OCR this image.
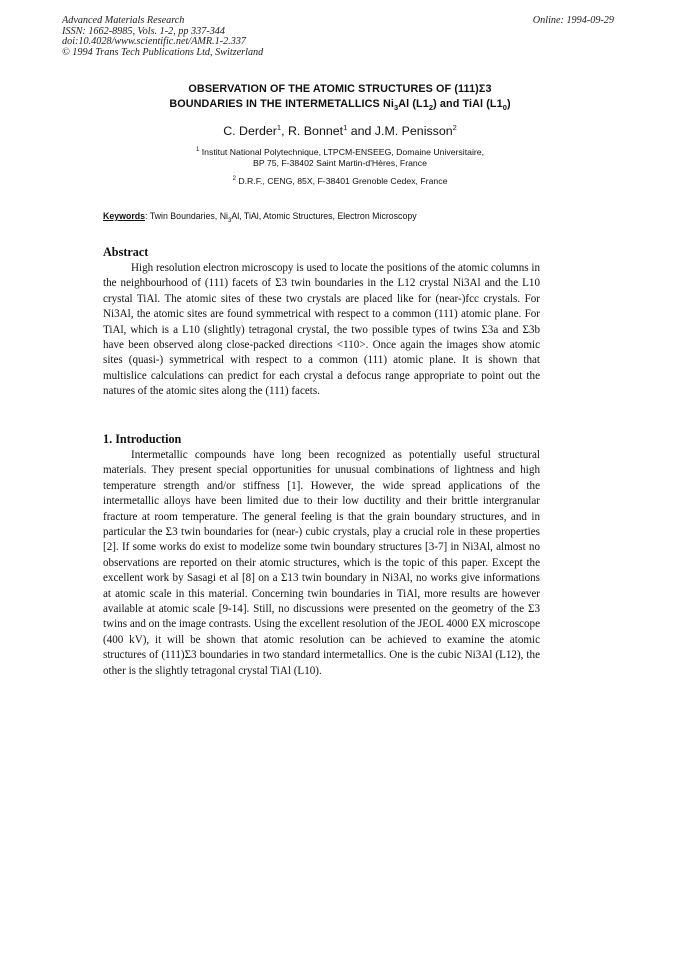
Advanced Materials Research
ISSN: 1662-8985, Vols. 1-2, pp 337-344
doi:10.4028/www.scientific.net/AMR.1-2.337
© 1994 Trans Tech Publications Ltd, Switzerland
Online: 1994-09-29
OBSERVATION OF THE ATOMIC STRUCTURES OF (111)Σ3
BOUNDARIES IN THE INTERMETALLICS $Ni_3Al$ $(L1_2)$ and TiAl $(L1_0)$
C. Derder$^1$, R. Bonnet$^1$ and J.M. Penisson$^2$
$^1$ Institut National Polytechnique, LTPCM-ENSEEG, Domaine Universitaire,
BP 75, F-38402 Saint Martin-d'Hères, France
$^2$ D.R.F., CENG, 85X, F-38401 Grenoble Cedex, France
Keywords: Twin Boundaries, $Ni_3Al$, TiAl, Atomic Structures, Electron Microscopy
Abstract
High resolution electron microscopy is used to locate the positions of the atomic columns in the neighbourhood of (111) facets of Σ3 twin boundaries in the L12 crystal Ni3Al and the L10 crystal TiAl. The atomic sites of these two crystals are placed like for (near-)fcc crystals. For Ni3Al, the atomic sites are found symmetrical with respect to a common (111) atomic plane. For TiAl, which is a L10 (slightly) tetragonal crystal, the two possible types of twins Σ3a and Σ3b have been observed along close-packed directions <110>. Once again the images show atomic sites (quasi-) symmetrical with respect to a common (111) atomic plane. It is shown that multislice calculations can predict for each crystal a defocus range appropriate to point out the natures of the atomic sites along the (111) facets.
1. Introduction
Intermetallic compounds have long been recognized as potentially useful structural materials. They present special opportunities for unusual combinations of lightness and high temperature strength and/or stiffness [1]. However, the wide spread applications of the intermetallic alloys have been limited due to their low ductility and their brittle intergranular fracture at room temperature. The general feeling is that the grain boundary structures, and in particular the Σ3 twin boundaries for (near-) cubic crystals, play a crucial role in these properties [2]. If some works do exist to modelize some twin boundary structures [3-7] in Ni3Al, almost no observations are reported on their atomic structures, which is the topic of this paper. Except the excellent work by Sasagi et al [8] on a Σ13 twin boundary in Ni3Al, no works give informations at atomic scale in this material. Concerning twin boundaries in TiAl, more results are however available at atomic scale [9-14]. Still, no discussions were presented on the geometry of the Σ3 twins and on the image contrasts. Using the excellent resolution of the JEOL 4000 EX microscope (400 kV), it will be shown that atomic resolution can be achieved to examine the atomic structures of (111)Σ3 boundaries in two standard intermetallics. One is the cubic Ni3Al (L12), the other is the slightly tetragonal crystal TiAl (L10).
